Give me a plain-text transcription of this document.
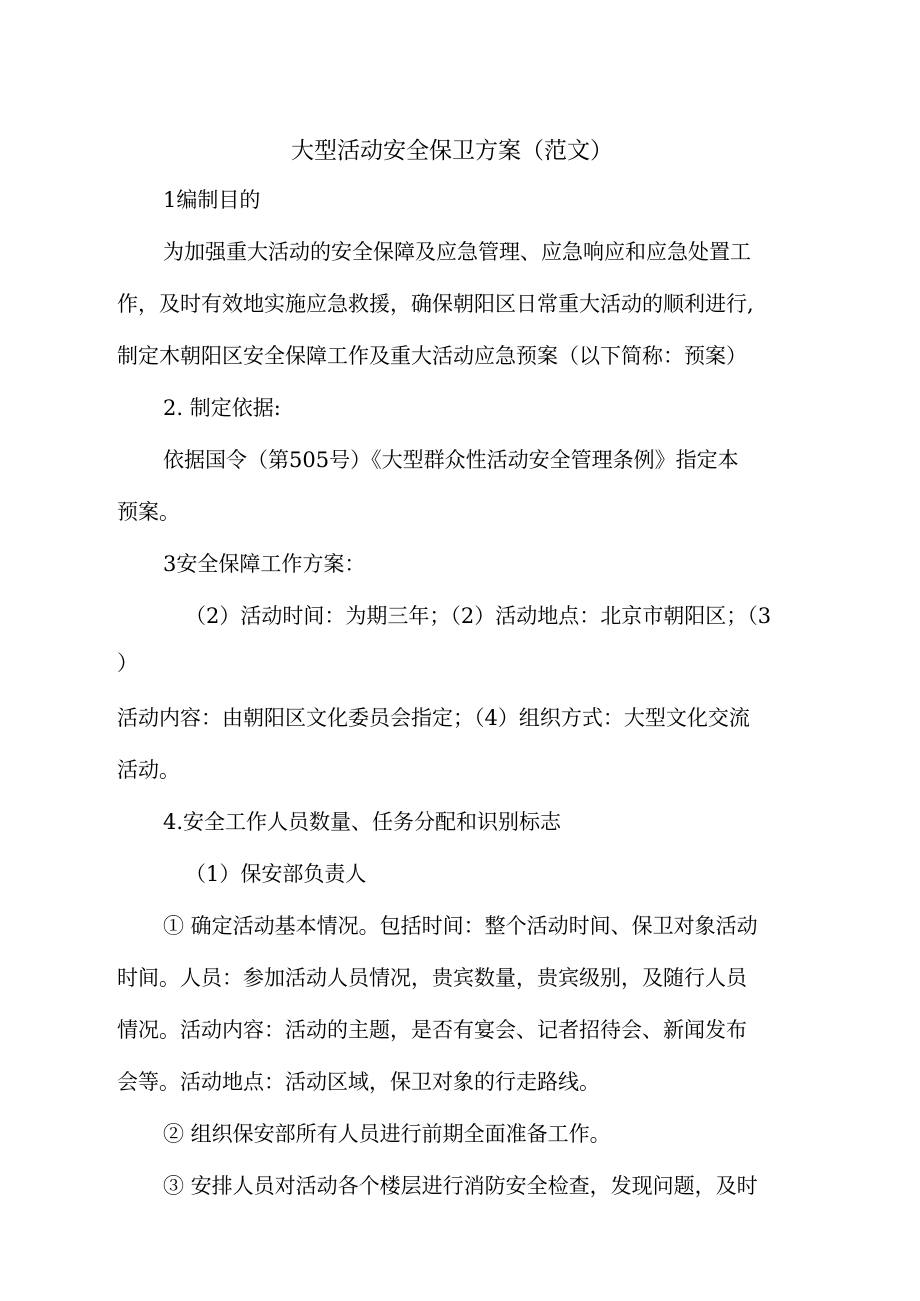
大型活动安全保卫方案（范文）
1编制目的
为加强重大活动的安全保障及应急管理、应急响应和应急处置工
作，及时有效地实施应急救援，确保朝阳区日常重大活动的顺利进行,
制定木朝阳区安全保障工作及重大活动应急预案（以下简称：预案）
2. 制定依据:
依据国令（第505号）《大型群众性活动安全管理条例》指定本
预案。
3安全保障工作方案：
（2）活动时间：为期三年；（2）活动地点：北京市朝阳区；（3
）
活动内容：由朝阳区文化委员会指定；（4）组织方式：大型文化交流
活动。
4.安全工作人员数量、任务分配和识别标志
（1）保安部负责人
① 确定活动基本情况。包括时间：整个活动时间、保卫对象活动
时间。人员：参加活动人员情况，贵宾数量，贵宾级别，及随行人员
情况。活动内容：活动的主题，是否有宴会、记者招待会、新闻发布
会等。活动地点：活动区域，保卫对象的行走路线。
② 组织保安部所有人员进行前期全面准备工作。
③ 安排人员对活动各个楼层进行消防安全检查，发现问题，及时
